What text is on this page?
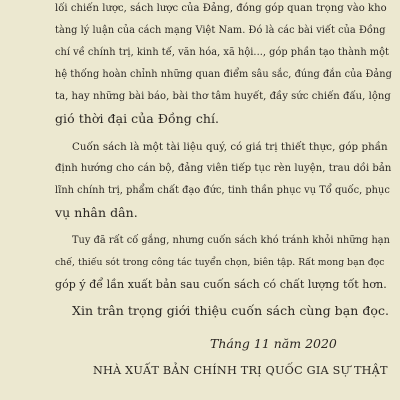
lối chiến lược, sách lược của Đảng, đóng góp quan trọng vào kho
tàng lý luận của cách mạng Việt Nam. Đó là các bài viết của Đồng
chí về chính trị, kinh tế, văn hóa, xã hội..., góp phần tạo thành một
hệ thống hoàn chỉnh những quan điểm sâu sắc, đúng đắn của Đảng
ta, hay những bài báo, bài thơ tâm huyết, đầy sức chiến đấu, lộng
gió thời đại của Đồng chí.
Cuốn sách là một tài liệu quý, có giá trị thiết thực, góp phần
định hướng cho cán bộ, đảng viên tiếp tục rèn luyện, trau dồi bản
lĩnh chính trị, phẩm chất đạo đức, tinh thần phục vụ Tổ quốc, phục
vụ nhân dân.
Tuy đã rất cố gắng, nhưng cuốn sách khó tránh khỏi những hạn
chế, thiếu sót trong công tác tuyển chọn, biên tập. Rất mong bạn đọc
góp ý để lần xuất bản sau cuốn sách có chất lượng tốt hơn.
Xin trân trọng giới thiệu cuốn sách cùng bạn đọc.
Tháng 11 năm 2020
NHÀ XUẤT BẢN CHÍNH TRỊ QUỐC GIA SỰ THẬT
